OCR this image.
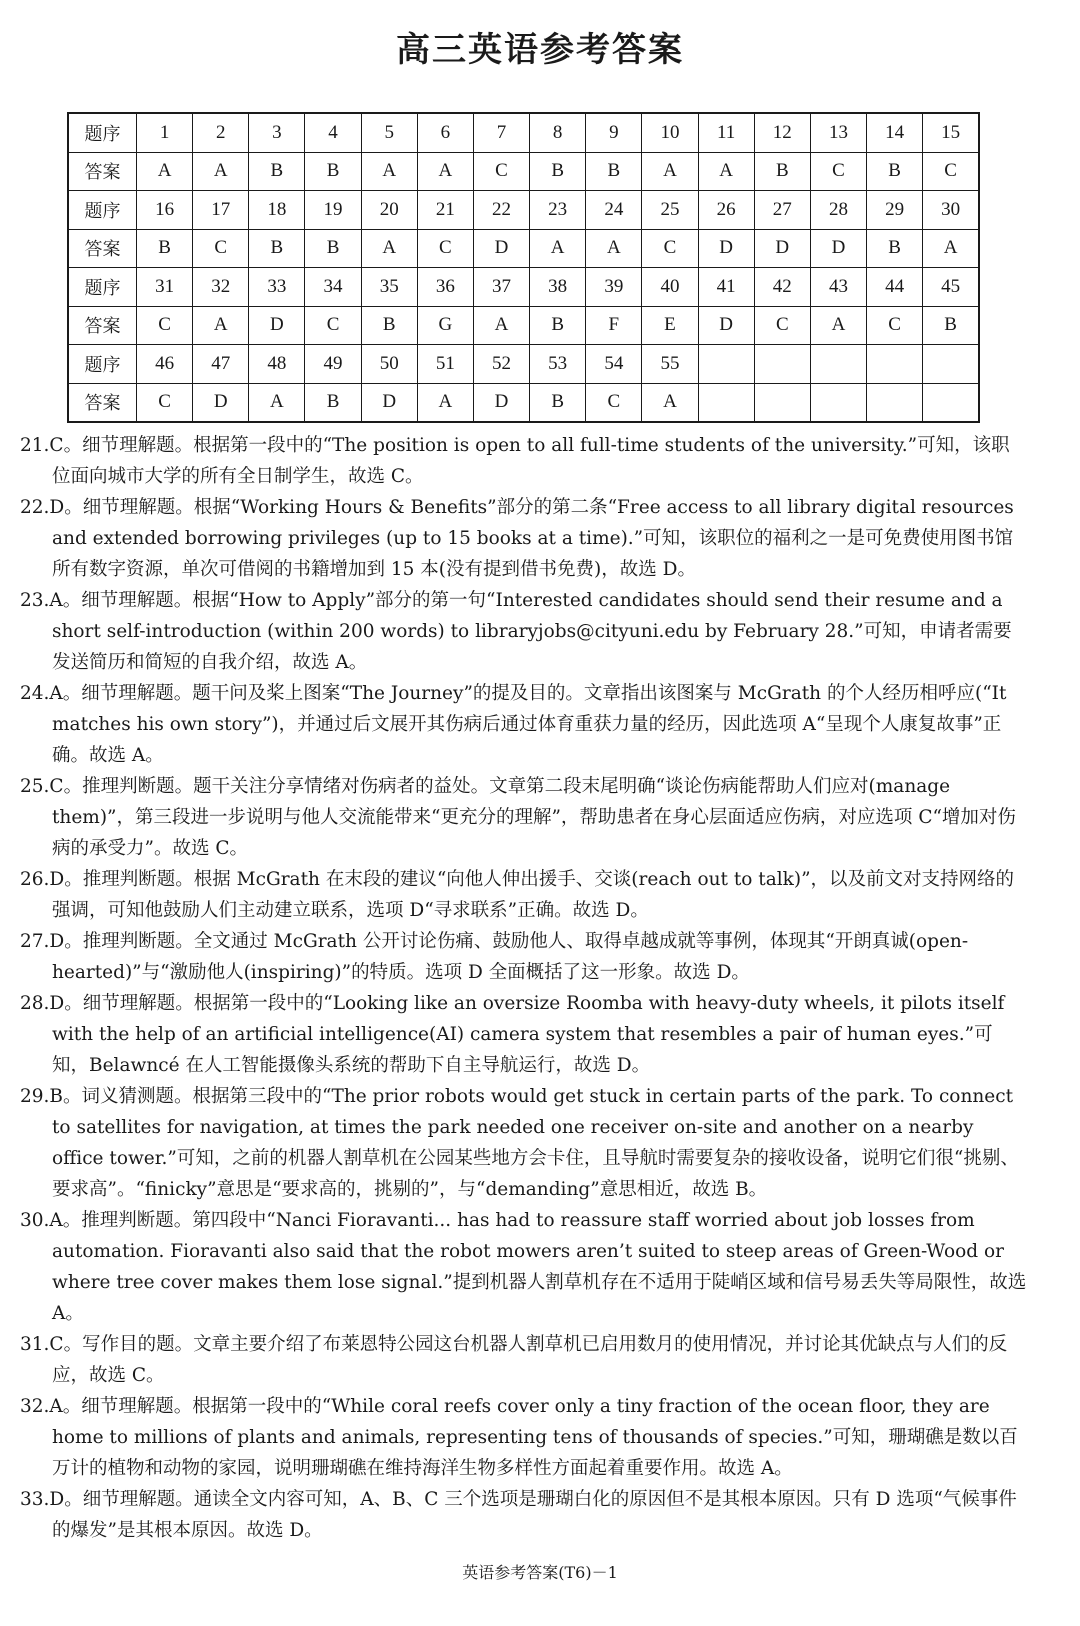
高三英语参考答案
题序	1	2	3	4	5	6	7	8	9	10	11	12	13	14	15
答案	A	A	B	B	A	A	C	B	B	A	A	B	C	B	C
题序	16	17	18	19	20	21	22	23	24	25	26	27	28	29	30
答案	B	C	B	B	A	C	D	A	A	C	D	D	D	B	A
题序	31	32	33	34	35	36	37	38	39	40	41	42	43	44	45
答案	C	A	D	C	B	G	A	B	F	E	D	C	A	C	B
题序	46	47	48	49	50	51	52	53	54	55					
答案	C	D	A	B	D	A	D	B	C	A					

21.C。细节理解题。根据第一段中的“The position is open to all full-time students of the university.”可知，该职位面向城市大学的所有全日制学生，故选 C。

22.D。细节理解题。根据“Working Hours & Benefits”部分的第二条“Free access to all library digital resources and extended borrowing privileges (up to 15 books at a time).”可知，该职位的福利之一是可免费使用图书馆所有数字资源，单次可借阅的书籍增加到 15 本(没有提到借书免费)，故选 D。

23.A。细节理解题。根据“How to Apply”部分的第一句“Interested candidates should send their resume and a short self-introduction (within 200 words) to libraryjobs@cityuni.edu by February 28.”可知，申请者需要发送简历和简短的自我介绍，故选 A。

24.A。细节理解题。题干问及桨上图案“The Journey”的提及目的。文章指出该图案与 McGrath 的个人经历相呼应(“It matches his own story”)，并通过后文展开其伤病后通过体育重获力量的经历，因此选项 A“呈现个人康复故事”正确。故选 A。

25.C。推理判断题。题干关注分享情绪对伤病者的益处。文章第二段末尾明确“谈论伤病能帮助人们应对(manage them)”，第三段进一步说明与他人交流能带来“更充分的理解”，帮助患者在身心层面适应伤病，对应选项 C“增加对伤病的承受力”。故选 C。

26.D。推理判断题。根据 McGrath 在末段的建议“向他人伸出援手、交谈(reach out to talk)”，以及前文对支持网络的强调，可知他鼓励人们主动建立联系，选项 D“寻求联系”正确。故选 D。

27.D。推理判断题。全文通过 McGrath 公开讨论伤痛、鼓励他人、取得卓越成就等事例，体现其“开朗真诚(open-hearted)”与“激励他人(inspiring)”的特质。选项 D 全面概括了这一形象。故选 D。

28.D。细节理解题。根据第一段中的“Looking like an oversize Roomba with heavy-duty wheels, it pilots itself with the help of an artificial intelligence(AI) camera system that resembles a pair of human eyes.”可知，Belawncé 在人工智能摄像头系统的帮助下自主导航运行，故选 D。

29.B。词义猜测题。根据第三段中的“The prior robots would get stuck in certain parts of the park. To connect to satellites for navigation, at times the park needed one receiver on-site and another on a nearby office tower.”可知，之前的机器人割草机在公园某些地方会卡住，且导航时需要复杂的接收设备，说明它们很“挑剔、要求高”。“finicky”意思是“要求高的，挑剔的”，与“demanding”意思相近，故选 B。

30.A。推理判断题。第四段中“Nanci Fioravanti... has had to reassure staff worried about job losses from automation. Fioravanti also said that the robot mowers aren’t suited to steep areas of Green-Wood or where tree cover makes them lose signal.”提到机器人割草机存在不适用于陡峭区域和信号易丢失等局限性，故选 A。

31.C。写作目的题。文章主要介绍了布莱恩特公园这台机器人割草机已启用数月的使用情况，并讨论其优缺点与人们的反应，故选 C。

32.A。细节理解题。根据第一段中的“While coral reefs cover only a tiny fraction of the ocean floor, they are home to millions of plants and animals, representing tens of thousands of species.”可知，珊瑚礁是数以百万计的植物和动物的家园，说明珊瑚礁在维持海洋生物多样性方面起着重要作用。故选 A。

33.D。细节理解题。通读全文内容可知，A、B、C 三个选项是珊瑚白化的原因但不是其根本原因。只有 D 选项“气候事件的爆发”是其根本原因。故选 D。

英语参考答案(T6)－1
